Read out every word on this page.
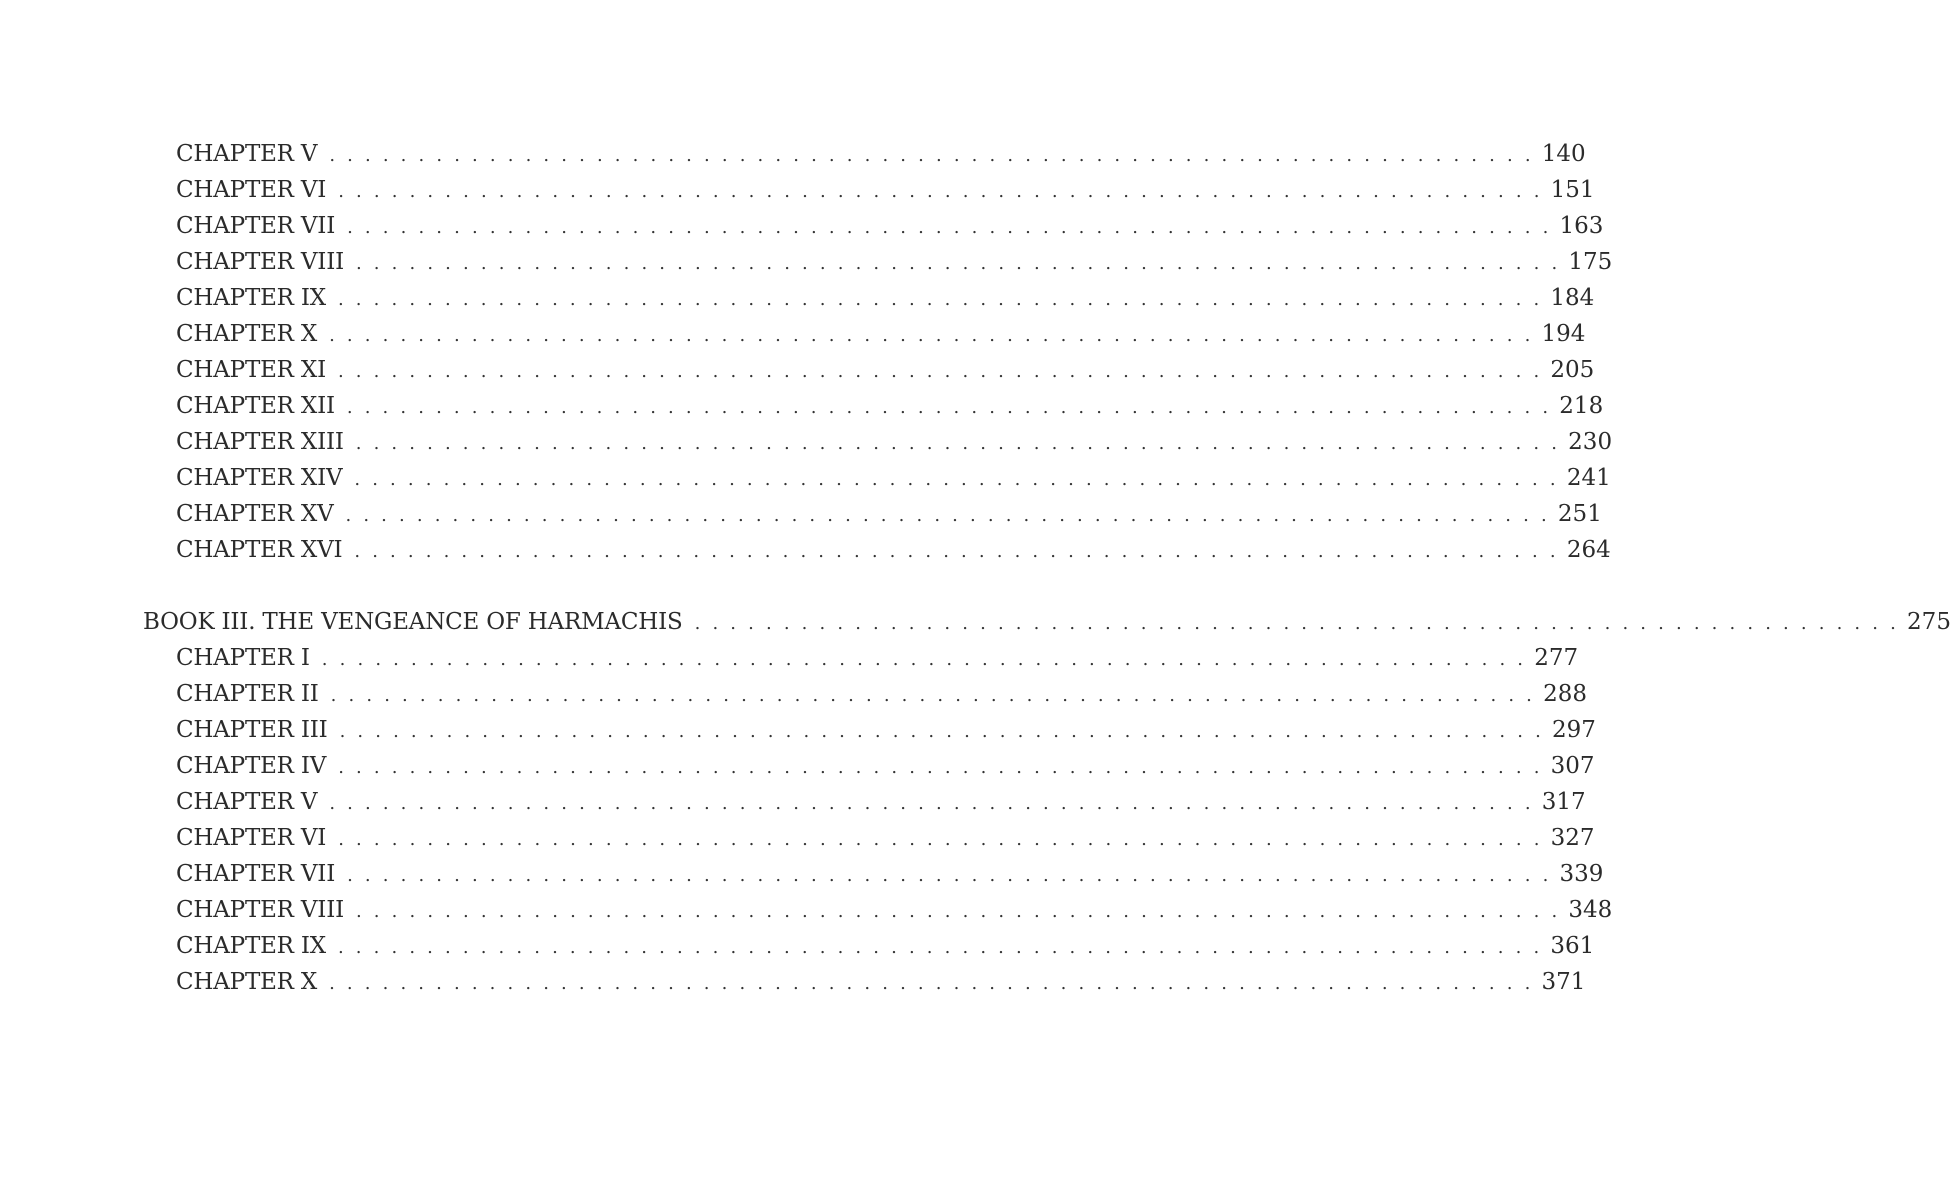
CHAPTER V . . . . . . . . . . . . . . . . . . . . . . . . . . . . . . . . . . . . . . . . . . . . . . . . . . . . . . . . . . . . . . . . . . . . 140
CHAPTER VI . . . . . . . . . . . . . . . . . . . . . . . . . . . . . . . . . . . . . . . . . . . . . . . . . . . . . . . . . . . . . . . . . . . . 151
CHAPTER VII . . . . . . . . . . . . . . . . . . . . . . . . . . . . . . . . . . . . . . . . . . . . . . . . . . . . . . . . . . . . . . . . . . . . 163
CHAPTER VIII . . . . . . . . . . . . . . . . . . . . . . . . . . . . . . . . . . . . . . . . . . . . . . . . . . . . . . . . . . . . . . . . . . . . 175
CHAPTER IX . . . . . . . . . . . . . . . . . . . . . . . . . . . . . . . . . . . . . . . . . . . . . . . . . . . . . . . . . . . . . . . . . . . . 184
CHAPTER X . . . . . . . . . . . . . . . . . . . . . . . . . . . . . . . . . . . . . . . . . . . . . . . . . . . . . . . . . . . . . . . . . . . . 194
CHAPTER XI . . . . . . . . . . . . . . . . . . . . . . . . . . . . . . . . . . . . . . . . . . . . . . . . . . . . . . . . . . . . . . . . . . . . 205
CHAPTER XII . . . . . . . . . . . . . . . . . . . . . . . . . . . . . . . . . . . . . . . . . . . . . . . . . . . . . . . . . . . . . . . . . . . . 218
CHAPTER XIII . . . . . . . . . . . . . . . . . . . . . . . . . . . . . . . . . . . . . . . . . . . . . . . . . . . . . . . . . . . . . . . . . . . . 230
CHAPTER XIV . . . . . . . . . . . . . . . . . . . . . . . . . . . . . . . . . . . . . . . . . . . . . . . . . . . . . . . . . . . . . . . . . . . . 241
CHAPTER XV . . . . . . . . . . . . . . . . . . . . . . . . . . . . . . . . . . . . . . . . . . . . . . . . . . . . . . . . . . . . . . . . . . . . 251
CHAPTER XVI . . . . . . . . . . . . . . . . . . . . . . . . . . . . . . . . . . . . . . . . . . . . . . . . . . . . . . . . . . . . . . . . . . . . 264
BOOK III. THE VENGEANCE OF HARMACHIS . . . . . . . . . . . . . . . . . . . . . . . . . . . . . . . . . . . . . . . . . . . . . . . . . . . . . . . . . . . . . . . . . . . . 275
CHAPTER I . . . . . . . . . . . . . . . . . . . . . . . . . . . . . . . . . . . . . . . . . . . . . . . . . . . . . . . . . . . . . . . . . . . . 277
CHAPTER II . . . . . . . . . . . . . . . . . . . . . . . . . . . . . . . . . . . . . . . . . . . . . . . . . . . . . . . . . . . . . . . . . . . . 288
CHAPTER III . . . . . . . . . . . . . . . . . . . . . . . . . . . . . . . . . . . . . . . . . . . . . . . . . . . . . . . . . . . . . . . . . . . . 297
CHAPTER IV . . . . . . . . . . . . . . . . . . . . . . . . . . . . . . . . . . . . . . . . . . . . . . . . . . . . . . . . . . . . . . . . . . . . 307
CHAPTER V . . . . . . . . . . . . . . . . . . . . . . . . . . . . . . . . . . . . . . . . . . . . . . . . . . . . . . . . . . . . . . . . . . . . 317
CHAPTER VI . . . . . . . . . . . . . . . . . . . . . . . . . . . . . . . . . . . . . . . . . . . . . . . . . . . . . . . . . . . . . . . . . . . . 327
CHAPTER VII . . . . . . . . . . . . . . . . . . . . . . . . . . . . . . . . . . . . . . . . . . . . . . . . . . . . . . . . . . . . . . . . . . . . 339
CHAPTER VIII . . . . . . . . . . . . . . . . . . . . . . . . . . . . . . . . . . . . . . . . . . . . . . . . . . . . . . . . . . . . . . . . . . . . 348
CHAPTER IX . . . . . . . . . . . . . . . . . . . . . . . . . . . . . . . . . . . . . . . . . . . . . . . . . . . . . . . . . . . . . . . . . . . . 361
CHAPTER X . . . . . . . . . . . . . . . . . . . . . . . . . . . . . . . . . . . . . . . . . . . . . . . . . . . . . . . . . . . . . . . . . . . . 371
